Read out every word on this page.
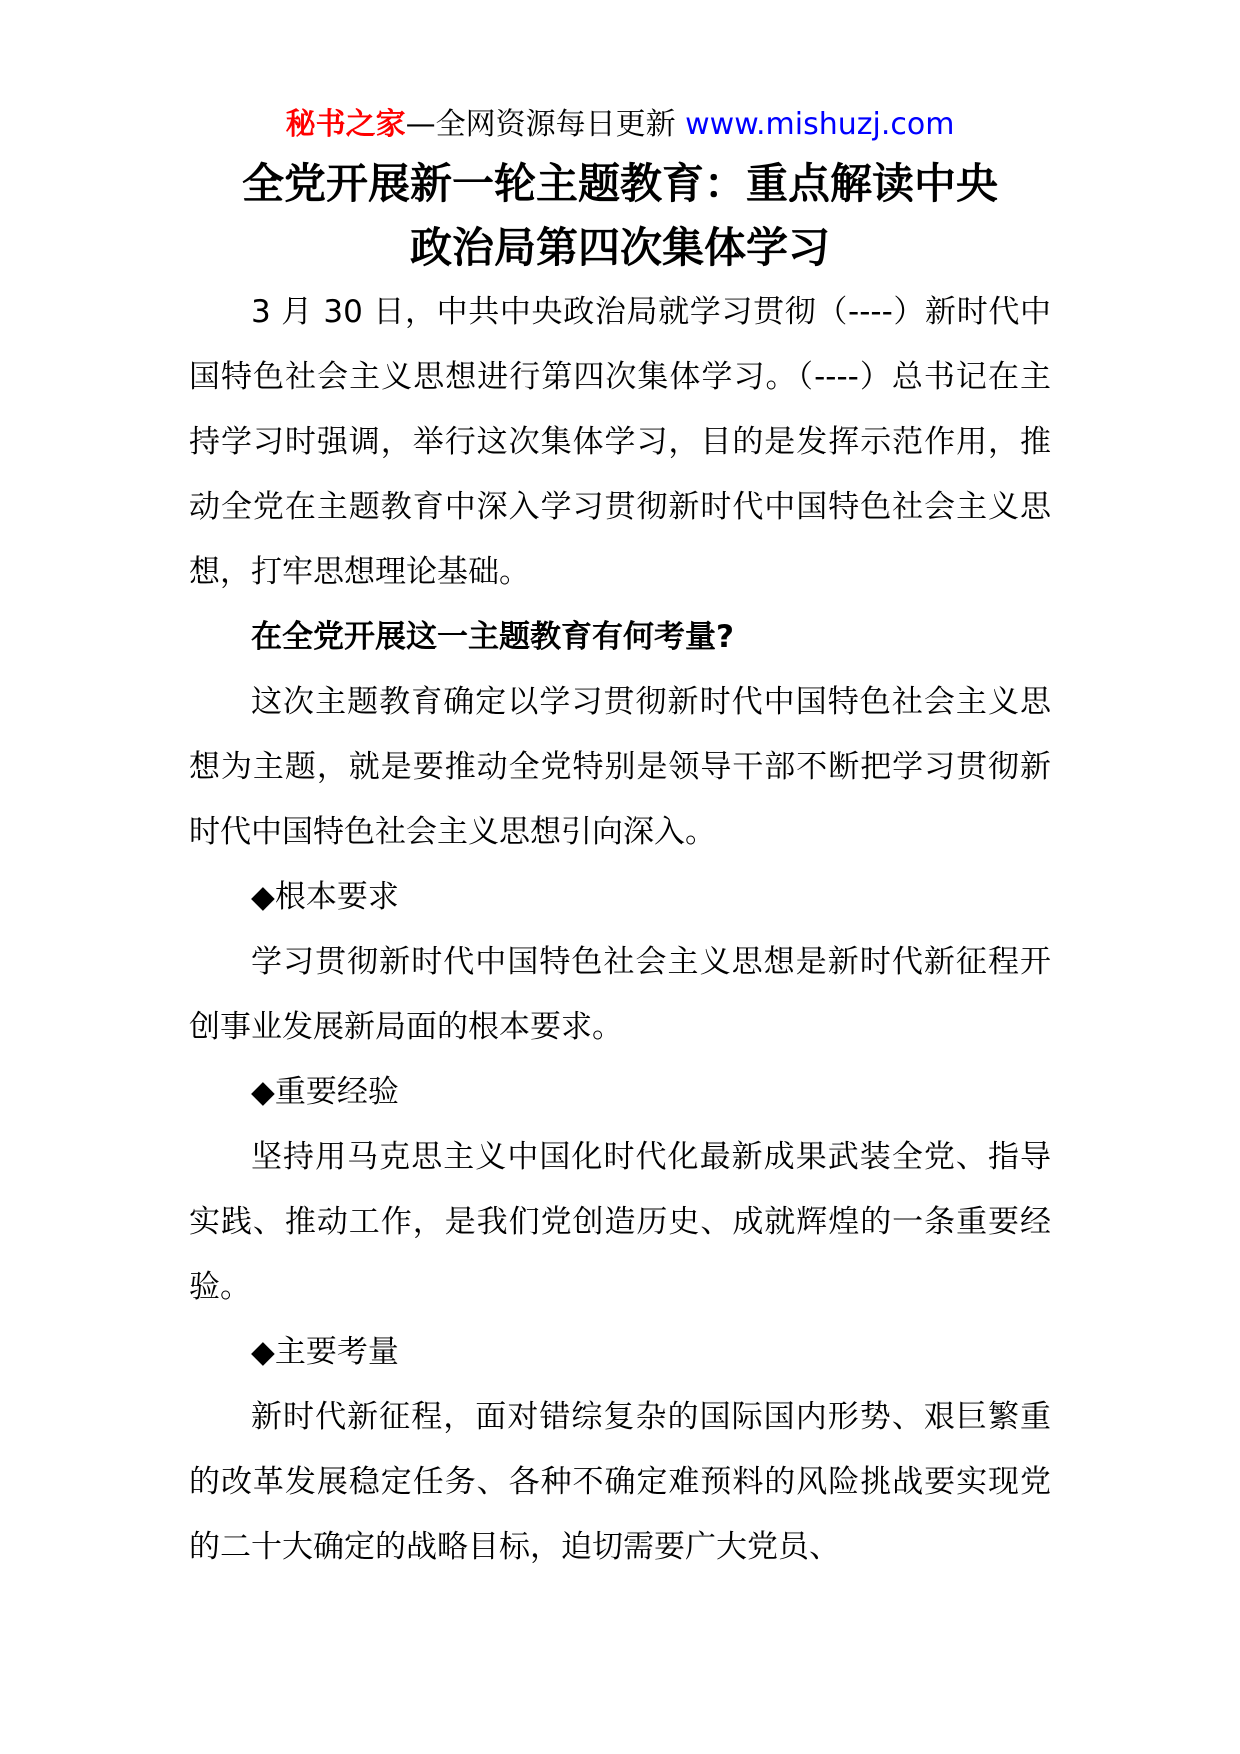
秘书之家—全网资源每日更新 www.mishuzj.com
全党开展新一轮主题教育：重点解读中央
政治局第四次集体学习

3 月 30 日，中共中央政治局就学习贯彻（----）新时代中国特色社会主义思想进行第四次集体学习。（----）总书记在主持学习时强调，举行这次集体学习，目的是发挥示范作用，推动全党在主题教育中深入学习贯彻新时代中国特色社会主义思想，打牢思想理论基础。

在全党开展这一主题教育有何考量?

这次主题教育确定以学习贯彻新时代中国特色社会主义思想为主题，就是要推动全党特别是领导干部不断把学习贯彻新时代中国特色社会主义思想引向深入。

◆根本要求

学习贯彻新时代中国特色社会主义思想是新时代新征程开创事业发展新局面的根本要求。

◆重要经验

坚持用马克思主义中国化时代化最新成果武装全党、指导实践、推动工作，是我们党创造历史、成就辉煌的一条重要经验。

◆主要考量

新时代新征程，面对错综复杂的国际国内形势、艰巨繁重的改革发展稳定任务、各种不确定难预料的风险挑战要实现党的二十大确定的战略目标，迫切需要广大党员、
